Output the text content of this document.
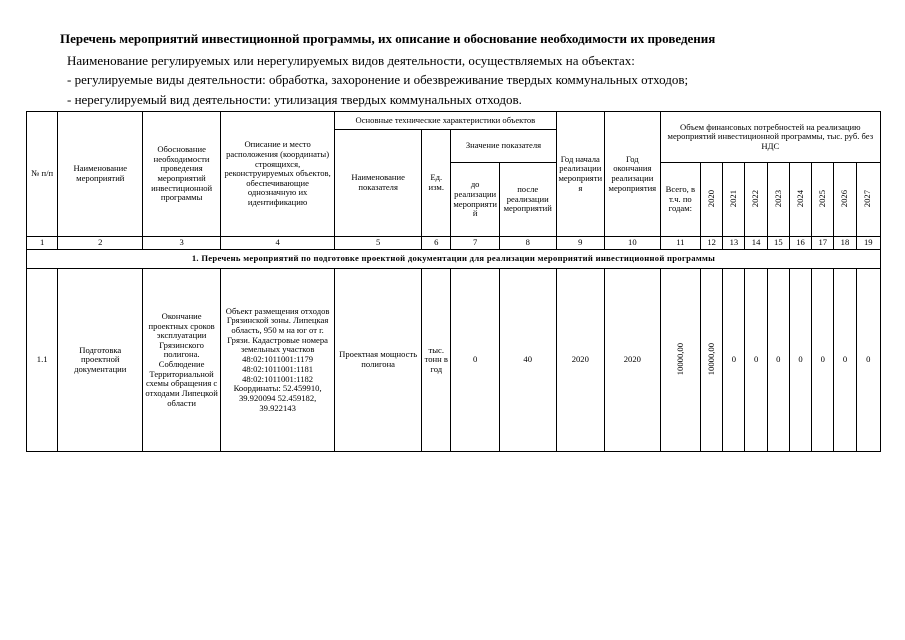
Перечень мероприятий инвестиционной программы, их описание и обоснование необходимости их проведения
Наименование регулируемых или нерегулируемых видов деятельности, осуществляемых на объектах:
- регулируемые виды деятельности: обработка, захоронение и обезвреживание твердых коммунальных отходов;
- нерегулируемый вид деятельности: утилизация твердых коммунальных отходов.
№ п/п	Наименование мероприятий	Обоснование необходимости проведения мероприятий инвестиционной программы	Описание и место расположения (координаты) строящихся, реконструируемых объектов, обеспечивающие однозначную их идентификацию	Основные технические характеристики объектов				Год начала реализации мероприятия	Год окончания реализации мероприятия	Объем финансовых потребностей на реализацию мероприятий инвестиционной программы, тыс. руб. без НДС								
				Наименование показателя	Ед. изм.	Значение показателя												
						до реализации мероприятий	после реализации мероприятий			Всего, в т.ч. по годам:	2020	2021	2022	2023	2024	2025	2026	2027
1	2	3	4	5	6	7	8	9	10	11	12	13	14	15	16	17	18	19
1. Перечень мероприятий по подготовке проектной документации для реализации мероприятий инвестиционной программы																		
1.1	Подготовка проектной документации	Окончание проектных сроков эксплуатации Грязинского полигона. Соблюдение Территориальной схемы обращения с отходами Липецкой области	Объект размещения отходов Грязинской зоны. Липецкая область, 950 м на юг от г. Грязи. Кадастровые номера земельных участков 48:02:1011001:1179 48:02:1011001:1181 48:02:1011001:1182 Координаты: 52.459910, 39.920094 52.459182, 39.922143	Проектная мощность полигона	тыс. тонн в год	0	40	2020	2020	10000,00	10000,00	0	0	0	0	0	0	0
